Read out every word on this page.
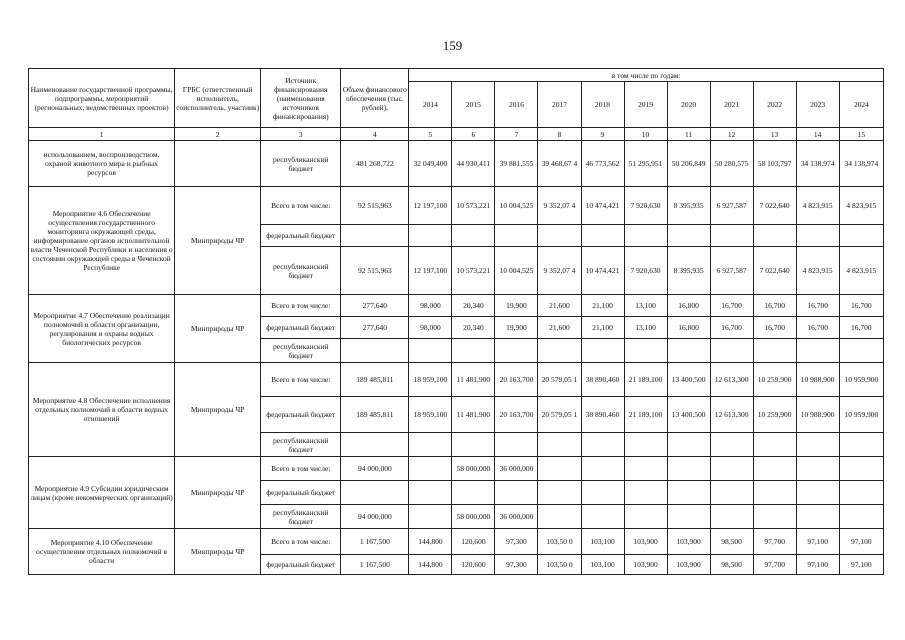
159
Наименование государственной программы, подпрограммы, мероприятий (региональных, ведомственных проектов)	ГРБС (ответственный исполнитель, соисполнитель, участник)	Источник финансирования (наименования источников финансирования)	Объем финансового обеспечения (тыс. рублей),	в том числе по годам:										
				2014	2015	2016	2017	2018	2019	2020	2021	2022	2023	2024
1	2	3	4	5	6	7	8	9	10	11	12	13	14	15
использованием, воспроизводством, охраной животного мира и рыбных ресурсов		республиканский бюджет	481 268,722	32 049,400	44 930,411	39 881,555	39 468,67 4	46 773,562	51 295,951	50 206,849	50 280,575	58 103,797	34 138,974	34 138,974
Мероприятие 4.6 Обеспечение осуществления государственного мониторинга окружающей среды, информирование органов исполнительной власти Чеченской Республики и населения о состоянии окружающей среды в Чеченской Республике	Минприроды ЧР	Всего в том числе:	92 515,963	12 197,100	10 573,221	10 004,525	9 352,07 4	10 474,421	7 920,630	8 395,935	6 927,587	7 022,640	4 823,915	4 823,915
		федеральный бюджет												
		республиканский бюджет	92 515,963	12 197,100	10 573,221	10 004,525	9 352,07 4	10 474,421	7 920,630	8 395,935	6 927,587	7 022,640	4 823,915	4 823,915
Мероприятие 4.7 Обеспечение реализации полномочий в области организации, регулирования и охраны водных биологических ресурсов	Минприроды ЧР	Всего в том числе:	277,640	98,000	20,340	19,900	21,600	21,100	13,100	16,800	16,700	16,700	16,700	16,700
		федеральный бюджет	277,640	98,000	20,340	19,900	21,600	21,100	13,100	16,800	16,700	16,700	16,700	16,700
		республиканский бюджет												
Мероприятие 4.8 Обеспечение исполнения отдельных полномочий в области водных отношений	Минприроды ЧР	Всего в том числе:	189 485,811	18 959,100	11 481,900	20 163,700	20 579,05 1	38 890,460	21 189,100	13 400,500	12 613,300	10 259,900	10 988,900	10 959,900
		федеральный бюджет	189 485,811	18 959,100	11 481,900	20 163,700	20 579,05 1	38 890,460	21 189,100	13 400,500	12 613,300	10 259,900	10 988,900	10 959,900
		республиканский бюджет												
Мероприятие 4.9 Субсидии юридическим лицам (кроме некоммерческих организаций)	Минприроды ЧР	Всего в том числе:	94 000,000		58 000,000	36 000,000								
		федеральный бюджет												
		республиканский бюджет	94 000,000		58 000,000	36 000,000								
Мероприятие 4.10 Обеспечение осуществления отдельных полномочий в области	Минприроды ЧР	Всего в том числе:	1 167,500	144,800	120,600	97,300	103,50 0	103,100	103,900	103,900	98,500	97,700	97,100	97,100
		федеральный бюджет	1 167,500	144,800	120,600	97,300	103,50 0	103,100	103,900	103,900	98,500	97,700	97,100	97,100
